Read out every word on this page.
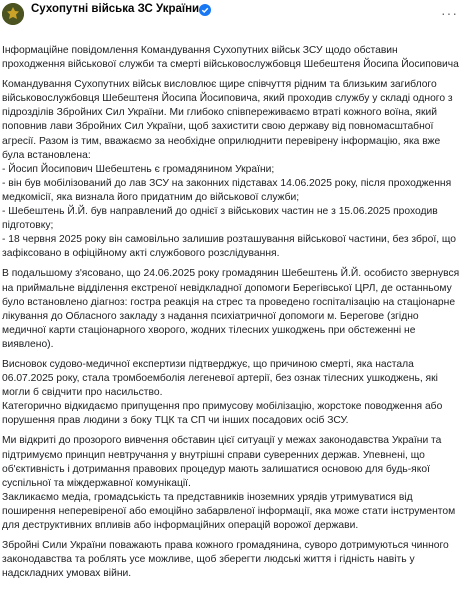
Сухопутні війська ЗС України	···

Інформаційне повідомлення Командування Сухопутних військ ЗСУ щодо обставин проходження військової служби та смерті військовослужбовця Шебештеня Йосипа Йосиповича

Командування Сухопутних військ висловлює щире співчуття рідним та близьким загиблого військовослужбовця Шебештеня Йосипа Йосиповича, який проходив службу у складі одного з підрозділів Збройних Сил України. Ми глибоко співпереживаємо втраті кожного воїна, який поповнив лави Збройних Сил України, щоб захистити свою державу від повномасштабної агресії. Разом із тим, вважаємо за необхідне оприлюднити перевірену інформацію, яка вже була встановлена:

- Йосип Йосипович Шебештень є громадянином України;

- він був мобілізований до лав ЗСУ на законних підставах 14.06.2025 року, після проходження медкомісії, яка визнала його придатним до військової служби;

- Шебештень Й.Й. був направлений до однієї з військових частин не з 15.06.2025 проходив підготовку;

- 18 червня 2025 року він самовільно залишив розташування військової частини, без зброї, що зафіксовано в офіційному акті службового розслідування.

В подальшому з'ясовано, що 24.06.2025 року громадянин Шебештень Й.Й. особисто звернувся на приймальне відділення екстреної невідкладної допомоги Берегівської ЦРЛ, де останньому було встановлено діагноз: гостра реакція на стрес та проведено госпіталізацію на стаціонарне лікування до Обласного закладу з надання психіатричної допомоги м. Берегове (згідно медичної карти стаціонарного хворого, жодних тілесних ушкоджень при обстеженні не виявлено).

Висновок судово-медичної експертизи підтверджує, що причиною смерті, яка настала 06.07.2025 року, стала тромбоемболія легеневої артерії, без ознак тілесних ушкоджень, які могли б свідчити про насильство.

Категорично відкидаємо припущення про примусову мобілізацію, жорстоке поводження або порушення прав людини з боку ТЦК та СП чи інших посадових осіб ЗСУ.

Ми відкриті до прозорого вивчення обставин цієї ситуації у межах законодавства України та підтримуємо принцип невтручання у внутрішні справи суверенних держав. Упевнені, що об'єктивність і дотримання правових процедур мають залишатися основою для будь-якої суспільної та міждержавної комунікації.

Закликаємо медіа, громадськість та представників іноземних урядів утримуватися від поширення неперевіреної або емоційно забарвленої інформації, яка може стати інструментом для деструктивних впливів або інформаційних операцій ворожої держави.

Збройні Сили України поважають права кожного громадянина, суворо дотримуються чинного законодавства та роблять усе можливе, щоб зберегти людські життя і гідність навіть у надскладних умовах війни.
